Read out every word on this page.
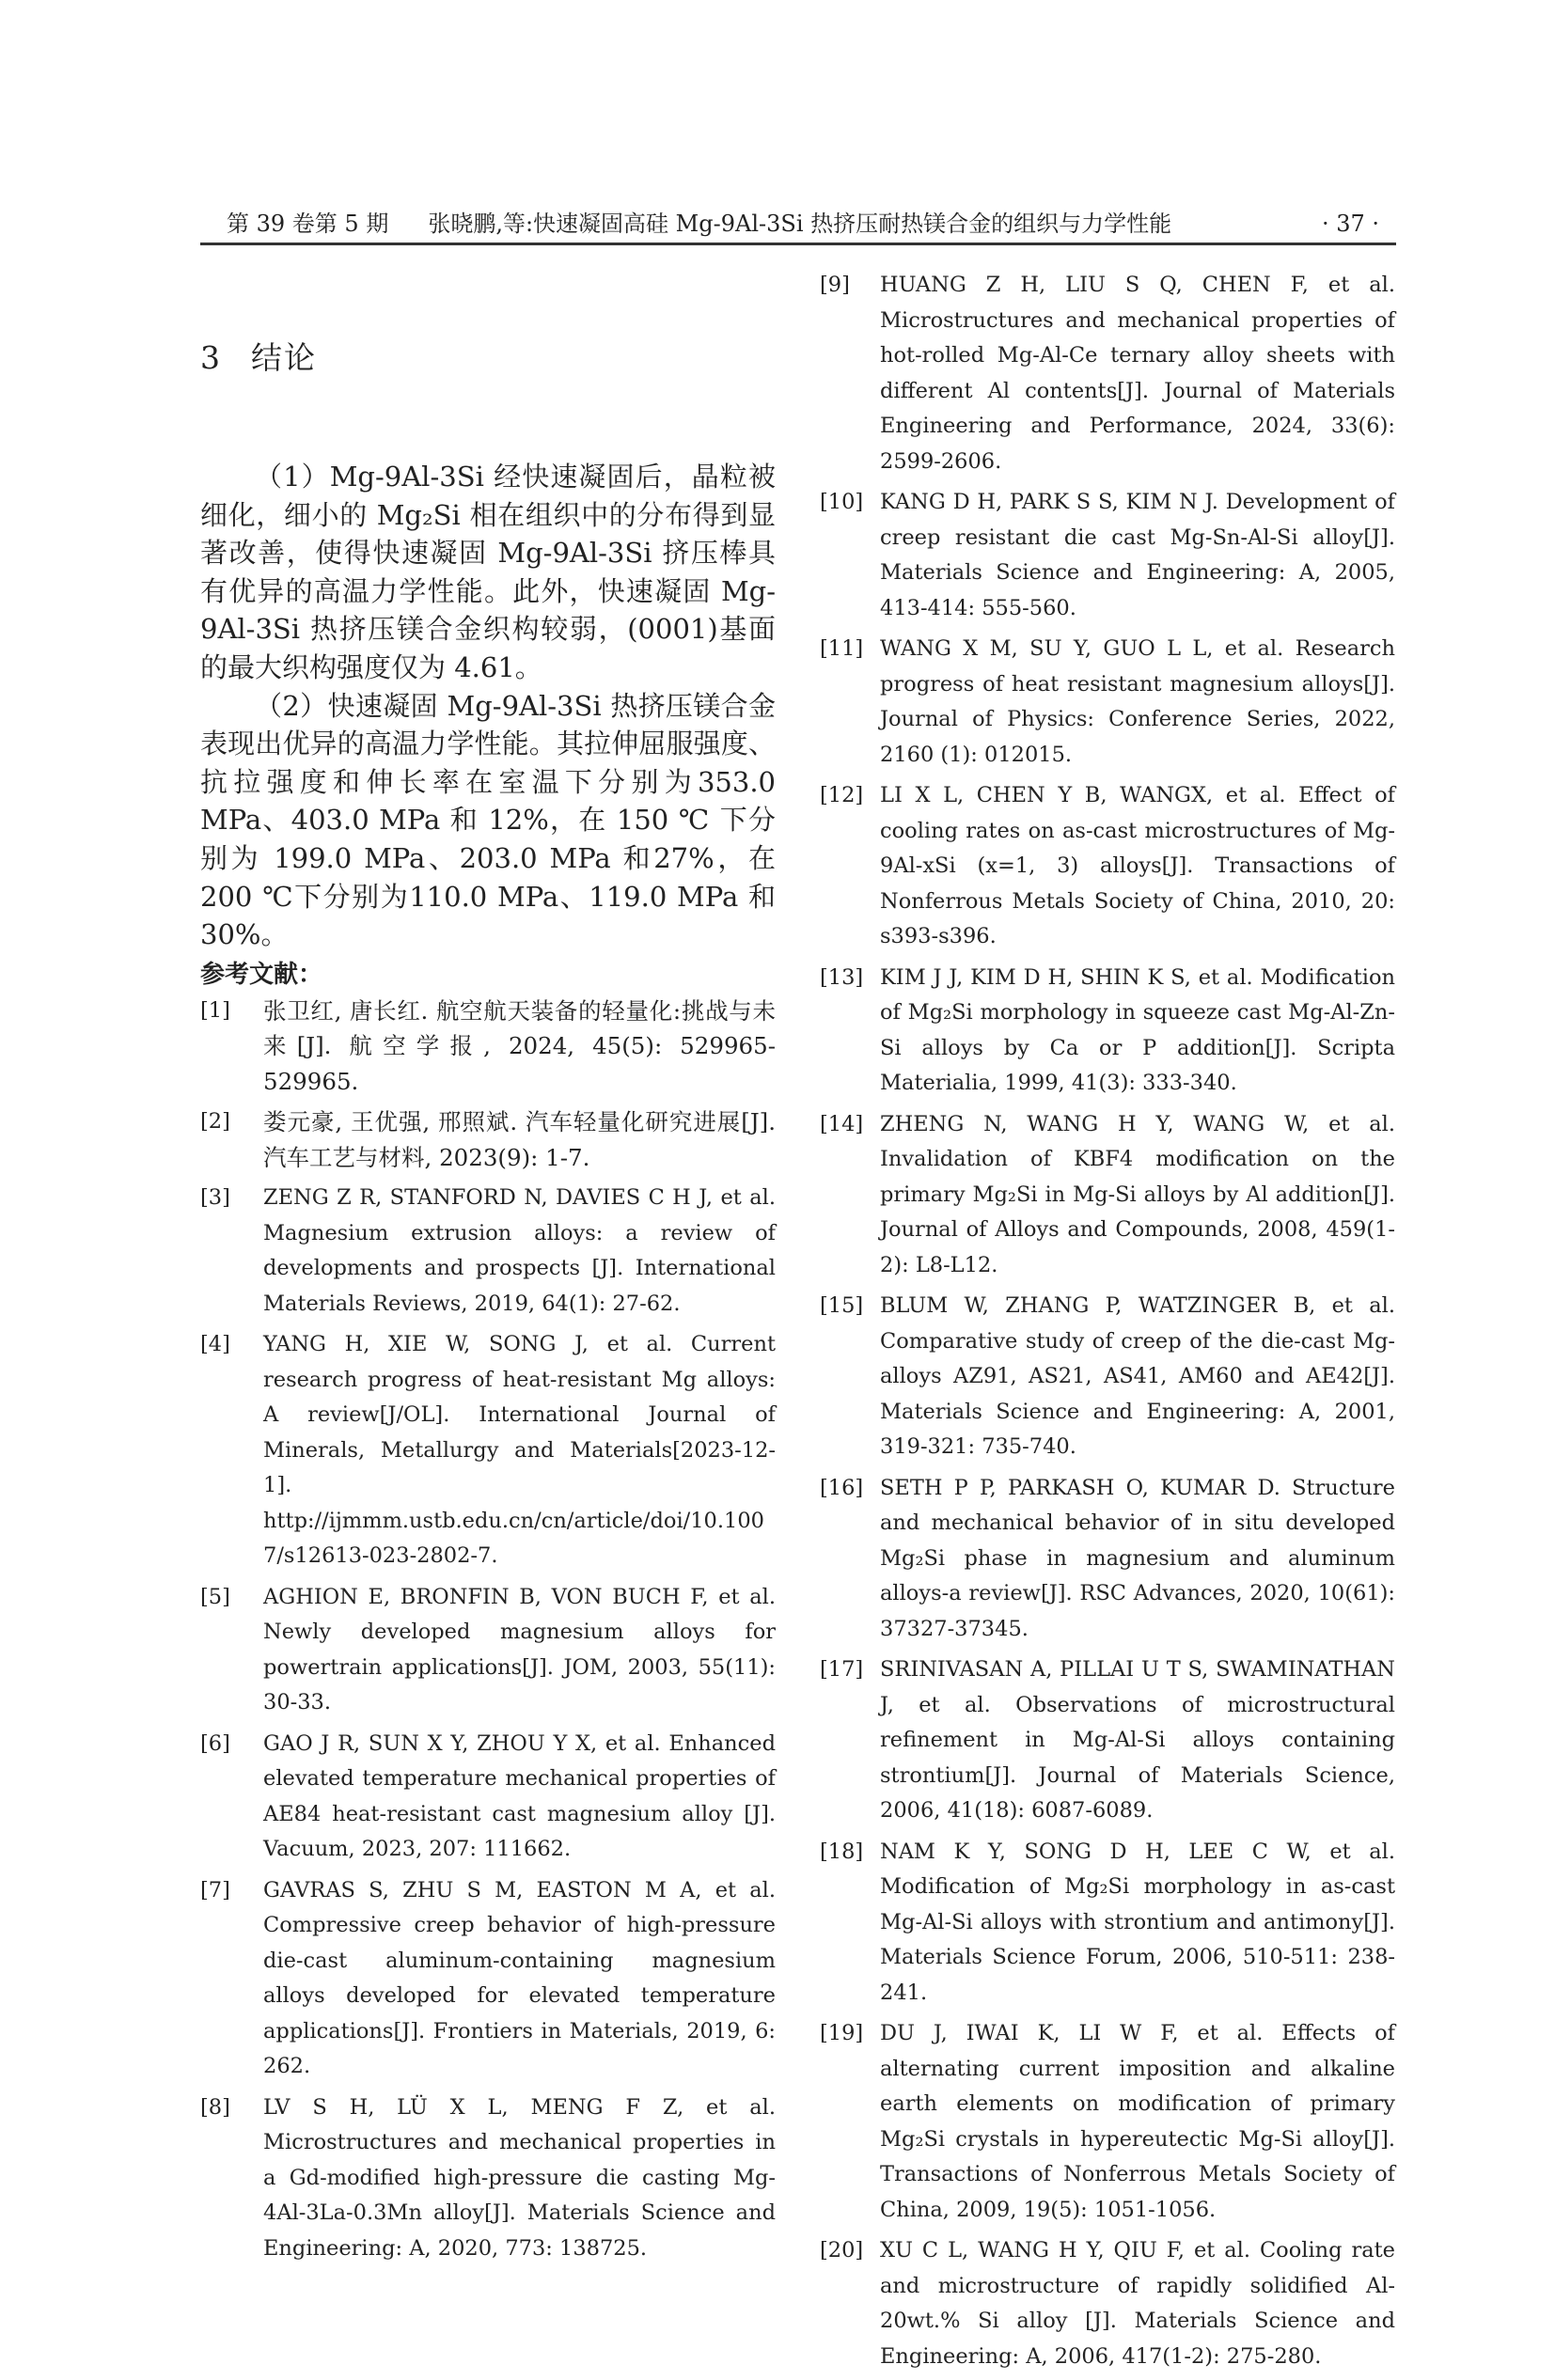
第 39 卷第 5 期 张晓鹏,等:快速凝固高硅 Mg-9Al-3Si 热挤压耐热镁合金的组织与力学性能	· 37 ·
3 结论

（1）Mg-9Al-3Si 经快速凝固后，晶粒被细化，细小的 Mg₂Si 相在组织中的分布得到显著改善，使得快速凝固 Mg-9Al-3Si 挤压棒具有优异的高温力学性能。此外，快速凝固 Mg-9Al-3Si 热挤压镁合金织构较弱，(0001)基面的最大织构强度仅为 4.61。

（2）快速凝固 Mg-9Al-3Si 热挤压镁合金表现出优异的高温力学性能。其拉伸屈服强度、抗拉强度和伸长率在室温下分别为353.0 MPa、403.0 MPa 和 12%，在 150 ℃ 下分别为 199.0 MPa、203.0 MPa 和27%，在200 ℃下分别为110.0 MPa、119.0 MPa 和 30%。

参考文献：
[1] 张卫红, 唐长红. 航空航天装备的轻量化:挑战与未来[J]. 航空学报, 2024, 45(5): 529965-529965.
[2] 娄元豪, 王优强, 邢照斌. 汽车轻量化研究进展[J]. 汽车工艺与材料, 2023(9): 1-7.
[3] ZENG Z R, STANFORD N, DAVIES C H J, et al. Magnesium extrusion alloys: a review of developments and prospects [J]. International Materials Reviews, 2019, 64(1): 27-62.
[4] YANG H, XIE W, SONG J, et al. Current research progress of heat-resistant Mg alloys: A review[J/OL]. International Journal of Minerals, Metallurgy and Materials[2023-12-1]. http://ijmmm.ustb.edu.cn/cn/article/doi/10.1007/s12613-023-2802-7.
[5] AGHION E, BRONFIN B, VON BUCH F, et al. Newly developed magnesium alloys for powertrain applications[J]. JOM, 2003, 55(11): 30-33.
[6] GAO J R, SUN X Y, ZHOU Y X, et al. Enhanced elevated temperature mechanical properties of AE84 heat-resistant cast magnesium alloy [J]. Vacuum, 2023, 207: 111662.
[7] GAVRAS S, ZHU S M, EASTON M A, et al. Compressive creep behavior of high-pressure die-cast aluminum-containing magnesium alloys developed for elevated temperature applications[J]. Frontiers in Materials, 2019, 6: 262.
[8] LV S H, LÜ X L, MENG F Z, et al. Microstructures and mechanical properties in a Gd-modified high-pressure die casting Mg-4Al-3La-0.3Mn alloy[J]. Materials Science and Engineering: A, 2020, 773: 138725.
[9] HUANG Z H, LIU S Q, CHEN F, et al. Microstructures and mechanical properties of hot-rolled Mg-Al-Ce ternary alloy sheets with different Al contents[J]. Journal of Materials Engineering and Performance, 2024, 33(6): 2599-2606.
[10] KANG D H, PARK S S, KIM N J. Development of creep resistant die cast Mg-Sn-Al-Si alloy[J]. Materials Science and Engineering: A, 2005, 413-414: 555-560.
[11] WANG X M, SU Y, GUO L L, et al. Research progress of heat resistant magnesium alloys[J]. Journal of Physics: Conference Series, 2022, 2160 (1): 012015.
[12] LI X L, CHEN Y B, WANGX, et al. Effect of cooling rates on as-cast microstructures of Mg-9Al-xSi (x=1, 3) alloys[J]. Transactions of Nonferrous Metals Society of China, 2010, 20: s393-s396.
[13] KIM J J, KIM D H, SHIN K S, et al. Modification of Mg₂Si morphology in squeeze cast Mg-Al-Zn-Si alloys by Ca or P addition[J]. Scripta Materialia, 1999, 41(3): 333-340.
[14] ZHENG N, WANG H Y, WANG W, et al. Invalidation of KBF4 modification on the primary Mg₂Si in Mg-Si alloys by Al addition[J]. Journal of Alloys and Compounds, 2008, 459(1-2): L8-L12.
[15] BLUM W, ZHANG P, WATZINGER B, et al. Comparative study of creep of the die-cast Mg-alloys AZ91, AS21, AS41, AM60 and AE42[J]. Materials Science and Engineering: A, 2001, 319-321: 735-740.
[16] SETH P P, PARKASH O, KUMAR D. Structure and mechanical behavior of in situ developed Mg₂Si phase in magnesium and aluminum alloys-a review[J]. RSC Advances, 2020, 10(61): 37327-37345.
[17] SRINIVASAN A, PILLAI U T S, SWAMINATHAN J, et al. Observations of microstructural refinement in Mg-Al-Si alloys containing strontium[J]. Journal of Materials Science, 2006, 41(18): 6087-6089.
[18] NAM K Y, SONG D H, LEE C W, et al. Modification of Mg₂Si morphology in as-cast Mg-Al-Si alloys with strontium and antimony[J]. Materials Science Forum, 2006, 510-511: 238-241.
[19] DU J, IWAI K, LI W F, et al. Effects of alternating current imposition and alkaline earth elements on modification of primary Mg₂Si crystals in hypereutectic Mg-Si alloy[J]. Transactions of Nonferrous Metals Society of China, 2009, 19(5): 1051-1056.
[20] XU C L, WANG H Y, QIU F, et al. Cooling rate and microstructure of rapidly solidified Al-20wt.% Si alloy [J]. Materials Science and Engineering: A, 2006, 417(1-2): 275-280.
